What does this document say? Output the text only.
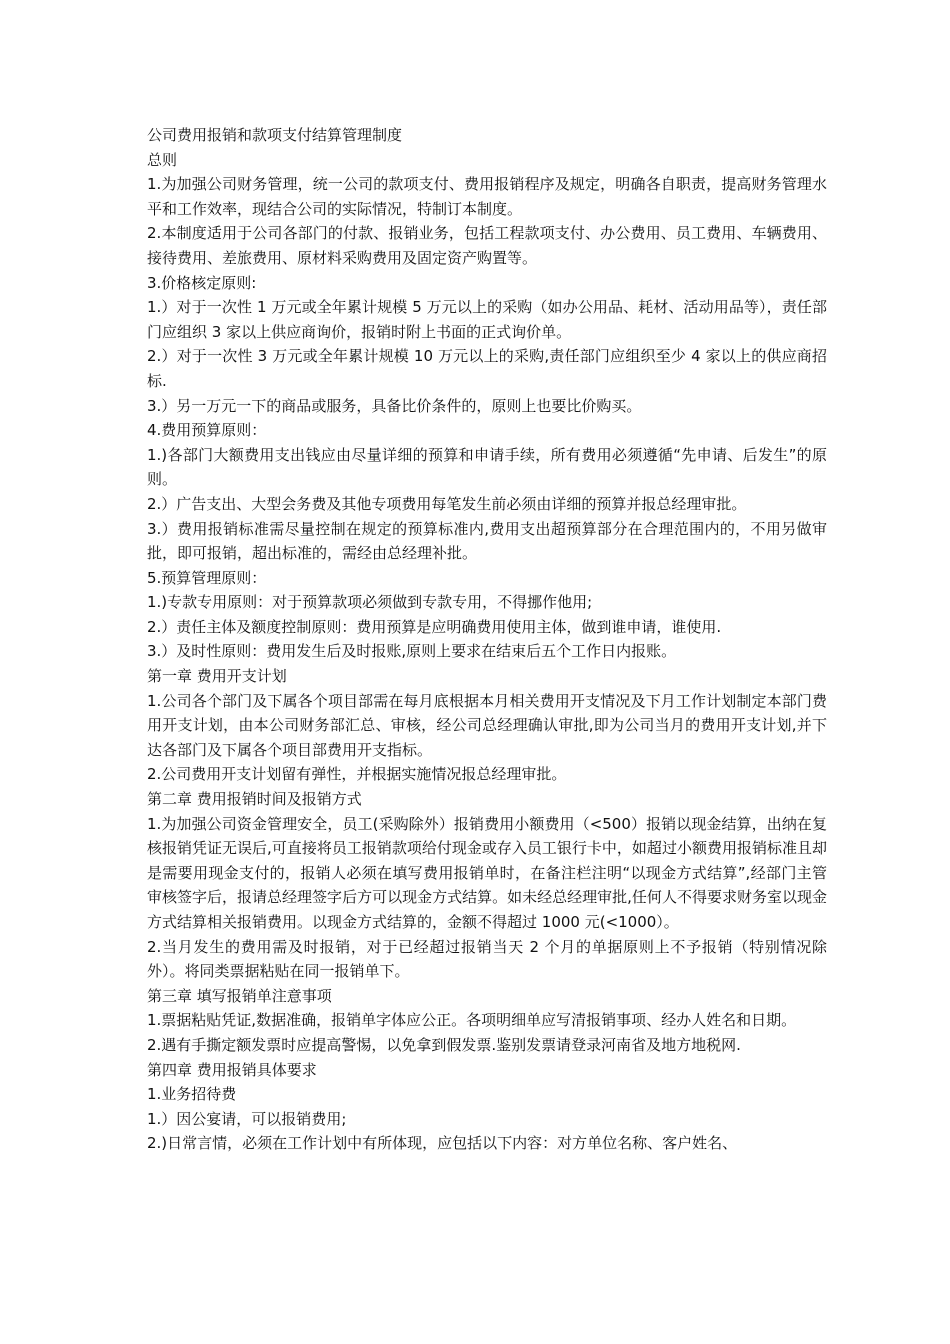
公司费用报销和款项支付结算管理制度

总则

1.为加强公司财务管理，统一公司的款项支付、费用报销程序及规定，明确各自职责，提高财务管理水平和工作效率，现结合公司的实际情况，特制订本制度。

2.本制度适用于公司各部门的付款、报销业务，包括工程款项支付、办公费用、员工费用、车辆费用、接待费用、差旅费用、原材料采购费用及固定资产购置等。

3.价格核定原则:

1.）对于一次性 1 万元或全年累计规模 5 万元以上的采购（如办公用品、耗材、活动用品等），责任部门应组织 3 家以上供应商询价，报销时附上书面的正式询价单。

2.）对于一次性 3 万元或全年累计规模 10 万元以上的采购,责任部门应组织至少 4 家以上的供应商招标.

3.）另一万元一下的商品或服务，具备比价条件的，原则上也要比价购买。

4.费用预算原则：

1.)各部门大额费用支出钱应由尽量详细的预算和申请手续，所有费用必须遵循“先申请、后发生”的原则。

2.）广告支出、大型会务费及其他专项费用每笔发生前必须由详细的预算并报总经理审批。

3.）费用报销标准需尽量控制在规定的预算标准内,费用支出超预算部分在合理范围内的，不用另做审批，即可报销，超出标准的，需经由总经理补批。

5.预算管理原则：

1.)专款专用原则：对于预算款项必须做到专款专用，不得挪作他用;

2.）责任主体及额度控制原则：费用预算是应明确费用使用主体，做到谁申请，谁使用.

3.）及时性原则：费用发生后及时报账,原则上要求在结束后五个工作日内报账。

第一章 费用开支计划

1.公司各个部门及下属各个项目部需在每月底根据本月相关费用开支情况及下月工作计划制定本部门费用开支计划，由本公司财务部汇总、审核，经公司总经理确认审批,即为公司当月的费用开支计划,并下达各部门及下属各个项目部费用开支指标。

2.公司费用开支计划留有弹性，并根据实施情况报总经理审批。

第二章 费用报销时间及报销方式

1.为加强公司资金管理安全，员工(采购除外）报销费用小额费用（<500）报销以现金结算，出纳在复核报销凭证无误后,可直接将员工报销款项给付现金或存入员工银行卡中，如超过小额费用报销标准且却是需要用现金支付的，报销人必须在填写费用报销单时，在备注栏注明“以现金方式结算”,经部门主管审核签字后，报请总经理签字后方可以现金方式结算。如未经总经理审批,任何人不得要求财务室以现金方式结算相关报销费用。以现金方式结算的，金额不得超过 1000 元(<1000）。

2.当月发生的费用需及时报销，对于已经超过报销当天 2 个月的单据原则上不予报销（特别情况除外）。将同类票据粘贴在同一报销单下。

第三章 填写报销单注意事项

1.票据粘贴凭证,数据准确，报销单字体应公正。各项明细单应写清报销事项、经办人姓名和日期。

2.遇有手撕定额发票时应提高警惕，以免拿到假发票.鉴别发票请登录河南省及地方地税网.

第四章 费用报销具体要求

1.业务招待费

1.）因公宴请，可以报销费用;

2.)日常言情，必须在工作计划中有所体现，应包括以下内容：对方单位名称、客户姓名、
